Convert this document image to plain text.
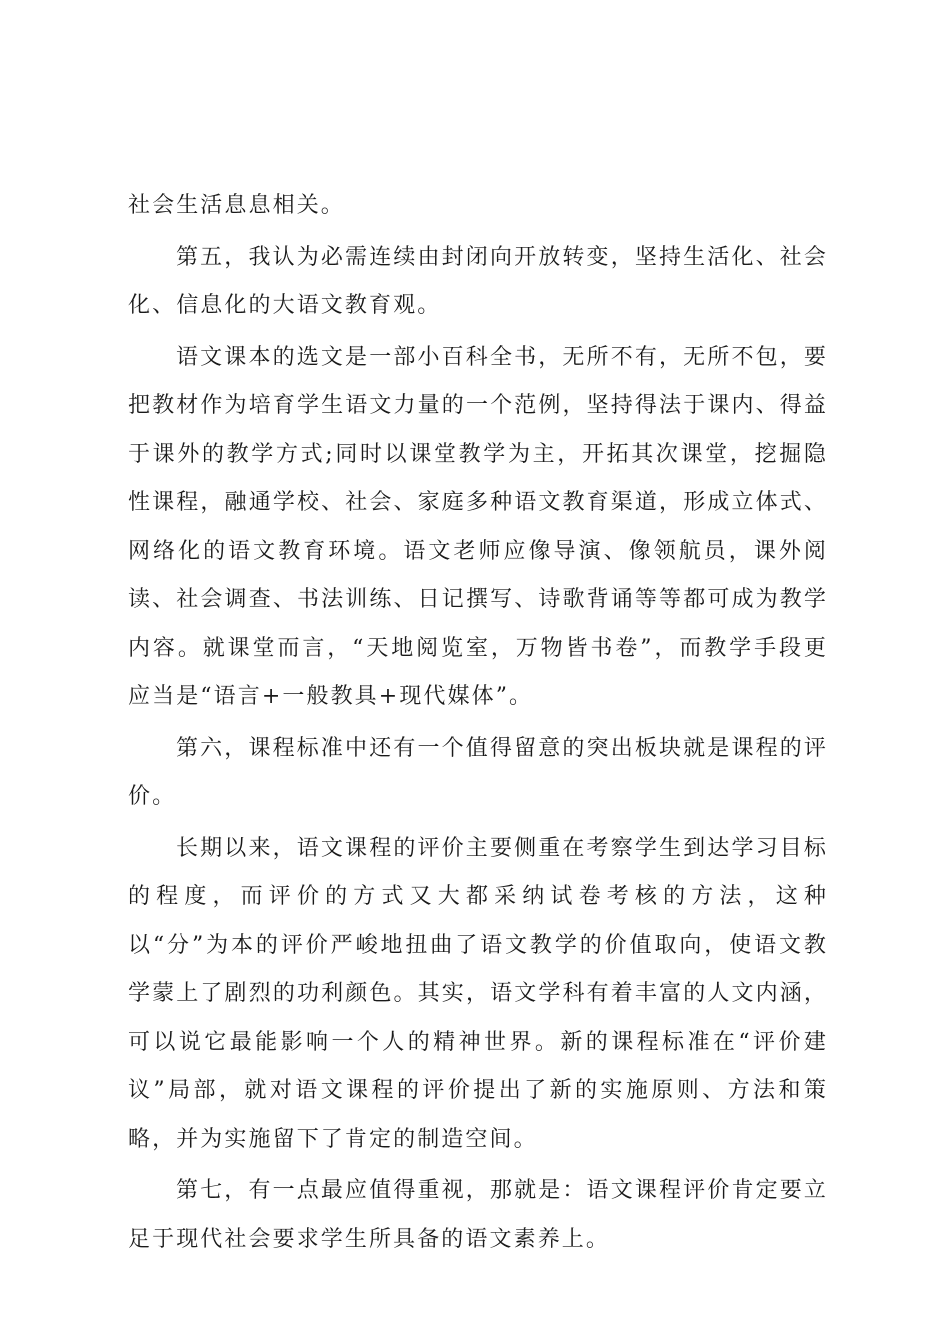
社会生活息息相关。

第五，我认为必需连续由封闭向开放转变，坚持生活化、社会化、信息化的大语文教育观。

语文课本的选文是一部小百科全书，无所不有，无所不包，要把教材作为培育学生语文力量的一个范例，坚持得法于课内、得益于课外的教学方式;同时以课堂教学为主，开拓其次课堂，挖掘隐性课程，融通学校、社会、家庭多种语文教育渠道，形成立体式、网络化的语文教育环境。语文老师应像导演、像领航员，课外阅读、社会调查、书法训练、日记撰写、诗歌背诵等等都可成为教学内容。就课堂而言，“天地阅览室，万物皆书卷”，而教学手段更应当是“语言+一般教具+现代媒体”。

第六，课程标准中还有一个值得留意的突出板块就是课程的评价。

长期以来，语文课程的评价主要侧重在考察学生到达学习目标的程度，而评价的方式又大都采纳试卷考核的方法，这种以“分”为本的评价严峻地扭曲了语文教学的价值取向，使语文教学蒙上了剧烈的功利颜色。其实，语文学科有着丰富的人文内涵，可以说它最能影响一个人的精神世界。新的课程标准在“评价建议”局部，就对语文课程的评价提出了新的实施原则、方法和策略，并为实施留下了肯定的制造空间。

第七，有一点最应值得重视，那就是：语文课程评价肯定要立足于现代社会要求学生所具备的语文素养上。
